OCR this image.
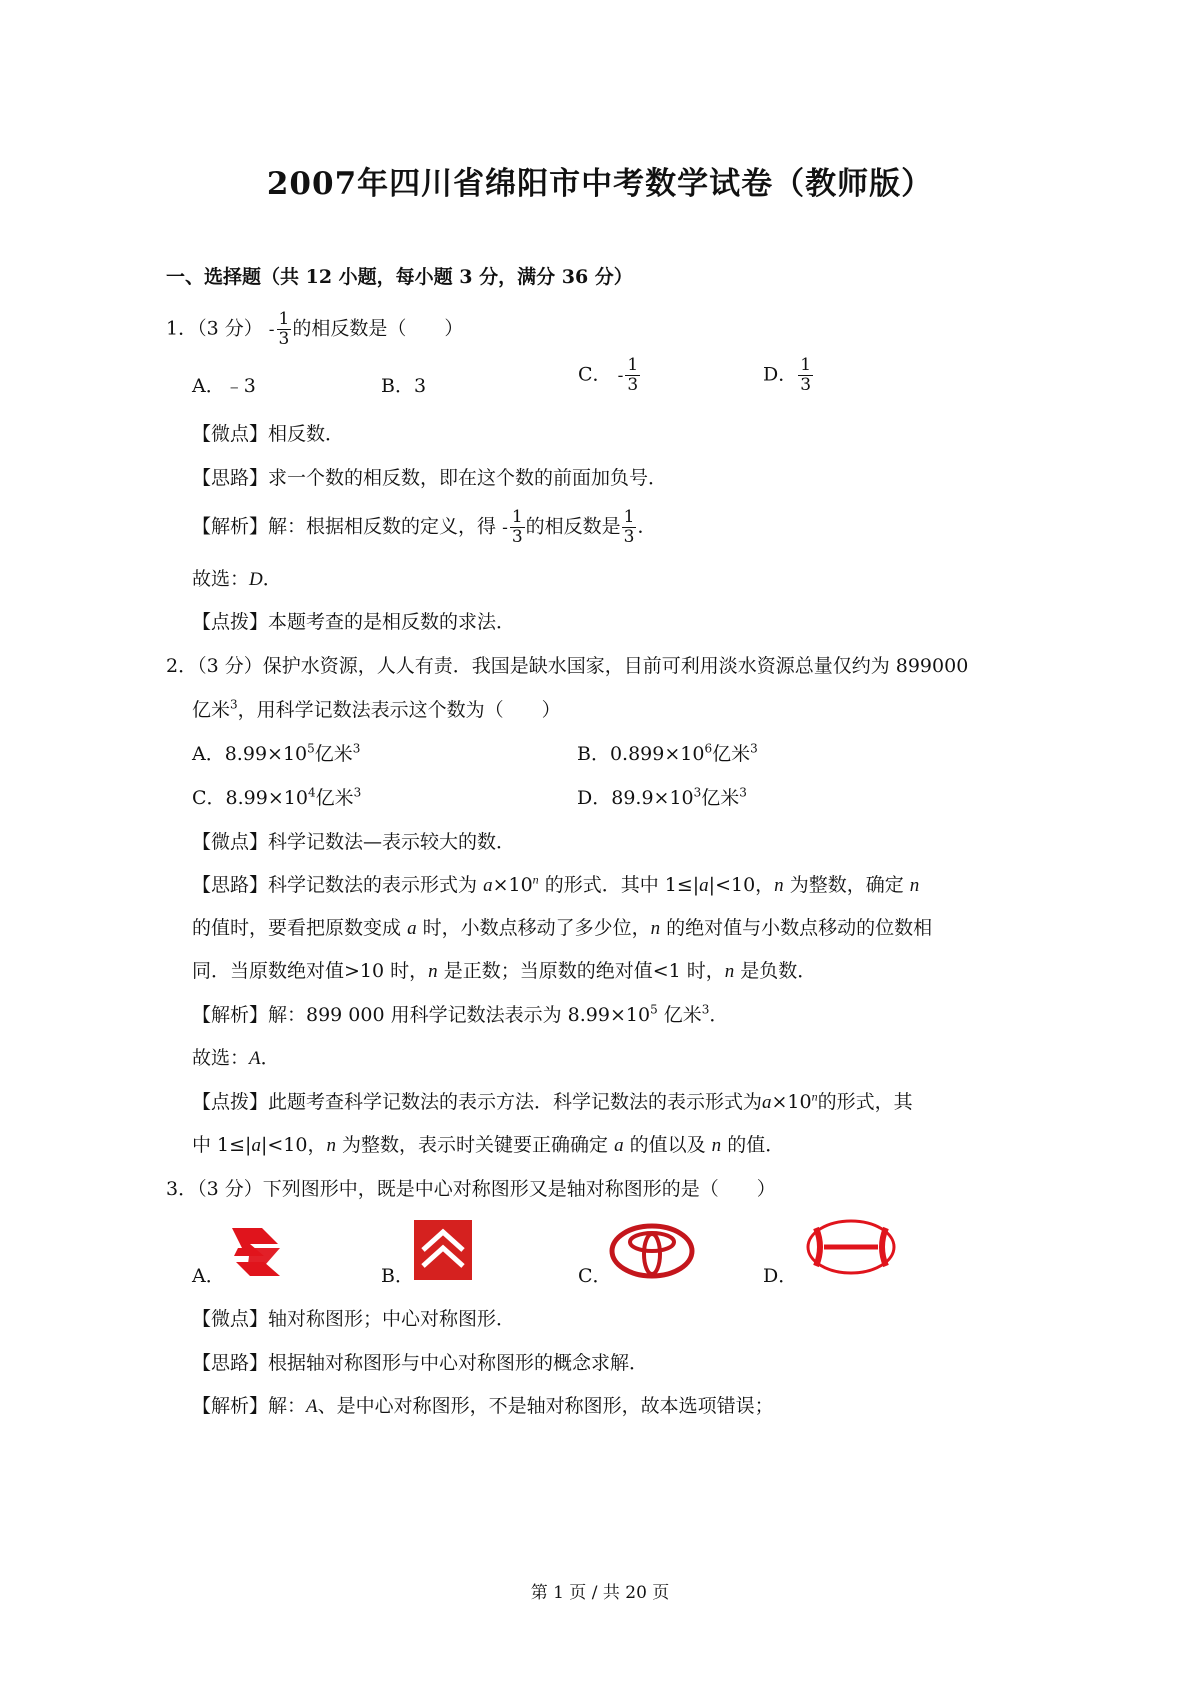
2007年四川省绵阳市中考数学试卷（教师版）
一、选择题（共 12 小题，每小题 3 分，满分 36 分）
1．（3 分） - $\frac{1}{3}$ 的相反数是（　　）
A．﹣3	B．3
C． - $\frac{1}{3}$	D． $\frac{1}{3}$
【微点】相反数．
【思路】求一个数的相反数，即在这个数的前面加负号．
【解析】解：根据相反数的定义，得 - $\frac{1}{3}$ 的相反数是 $\frac{1}{3}$ ．
故选：D．
【点拨】本题考查的是相反数的求法．
2．（3 分）保护水资源，人人有责．我国是缺水国家，目前可利用淡水资源总量仅约为 899000
亿米$^3$，用科学记数法表示这个数为（　　）
A．$8.99\times 10^5$亿米$^3$	B．$0.899\times 10^6$亿米$^3$
C．$8.99\times 10^4$亿米$^3$	D．$89.9\times 10^3$亿米$^3$
【微点】科学记数法—表示较大的数．
【思路】科学记数法的表示形式为 $a\times 10^n$ 的形式．其中 1≤|a|<10，n 为整数，确定 n
的值时，要看把原数变成 a 时，小数点移动了多少位，n 的绝对值与小数点移动的位数相
同．当原数绝对值>10 时，n 是正数；当原数的绝对值<1 时，n 是负数．
【解析】解：899 000 用科学记数法表示为 $8.99\times 10^5$ 亿米$^3$．
故选：A．
【点拨】此题考查科学记数法的表示方法．科学记数法的表示形式为$a\times 10^n$的形式，其
中 1≤|a|<10，n 为整数，表示时关键要正确确定 a 的值以及 n 的值．
3．（3 分）下列图形中，既是中心对称图形又是轴对称图形的是（　　）
A．	B．	C．	D．
【微点】轴对称图形；中心对称图形．
【思路】根据轴对称图形与中心对称图形的概念求解．
【解析】解：A、是中心对称图形，不是轴对称图形，故本选项错误；
第 1 页 / 共 20 页
